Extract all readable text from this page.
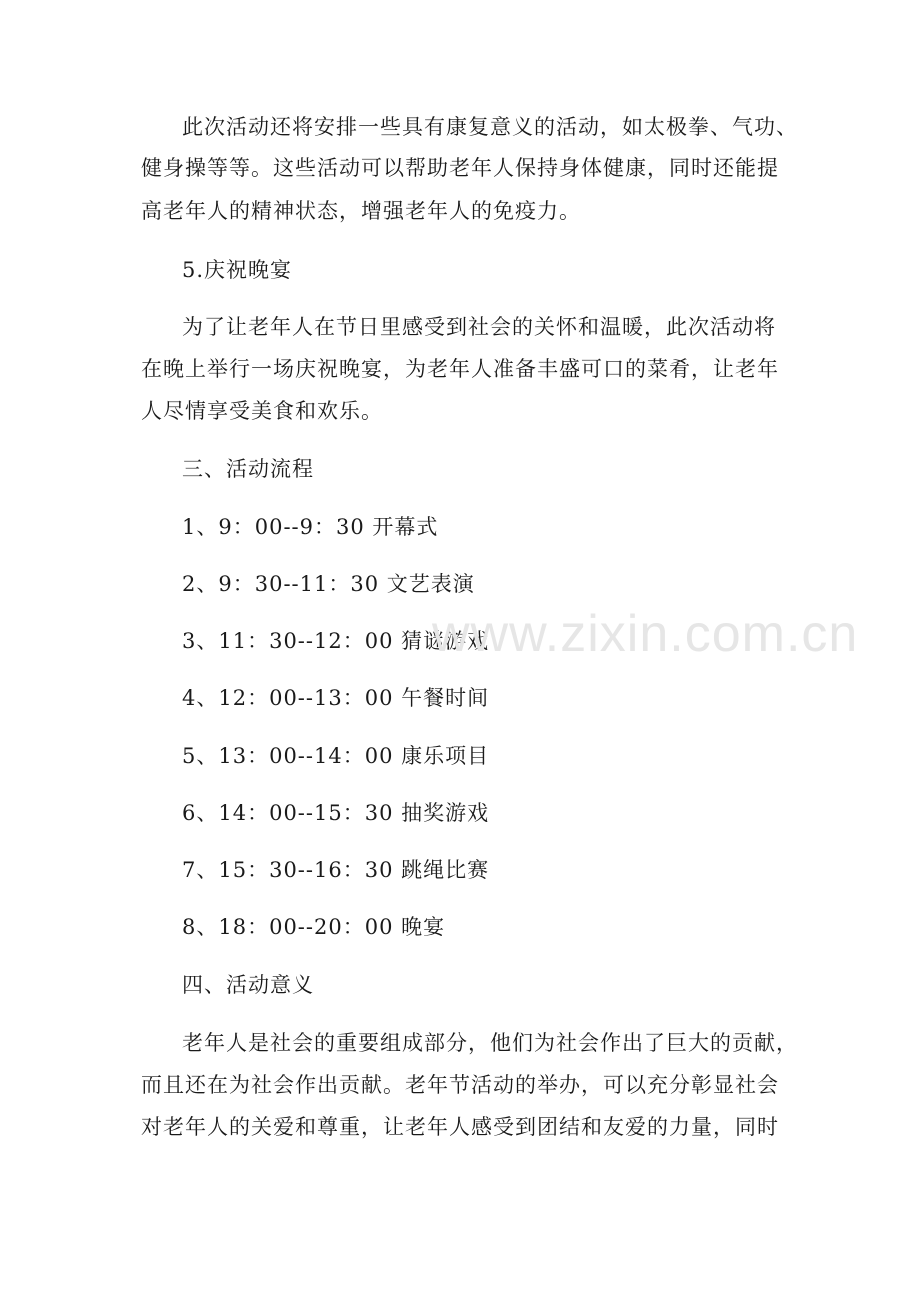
此次活动还将安排一些具有康复意义的活动，如太极拳、气功、
健身操等等。这些活动可以帮助老年人保持身体健康，同时还能提
高老年人的精神状态，增强老年人的免疫力。
5.庆祝晚宴
为了让老年人在节日里感受到社会的关怀和温暖，此次活动将
在晚上举行一场庆祝晚宴，为老年人准备丰盛可口的菜肴，让老年
人尽情享受美食和欢乐。
三、活动流程
1、9：00--9：30 开幕式
2、9：30--11：30 文艺表演
3、11：30--12：00 猜谜游戏
4、12：00--13：00 午餐时间
5、13：00--14：00 康乐项目
6、14：00--15：30 抽奖游戏
7、15：30--16：30 跳绳比赛
8、18：00--20：00 晚宴
四、活动意义
老年人是社会的重要组成部分，他们为社会作出了巨大的贡献，
而且还在为社会作出贡献。老年节活动的举办，可以充分彰显社会
对老年人的关爱和尊重，让老年人感受到团结和友爱的力量，同时
www.zixin.com.cn
